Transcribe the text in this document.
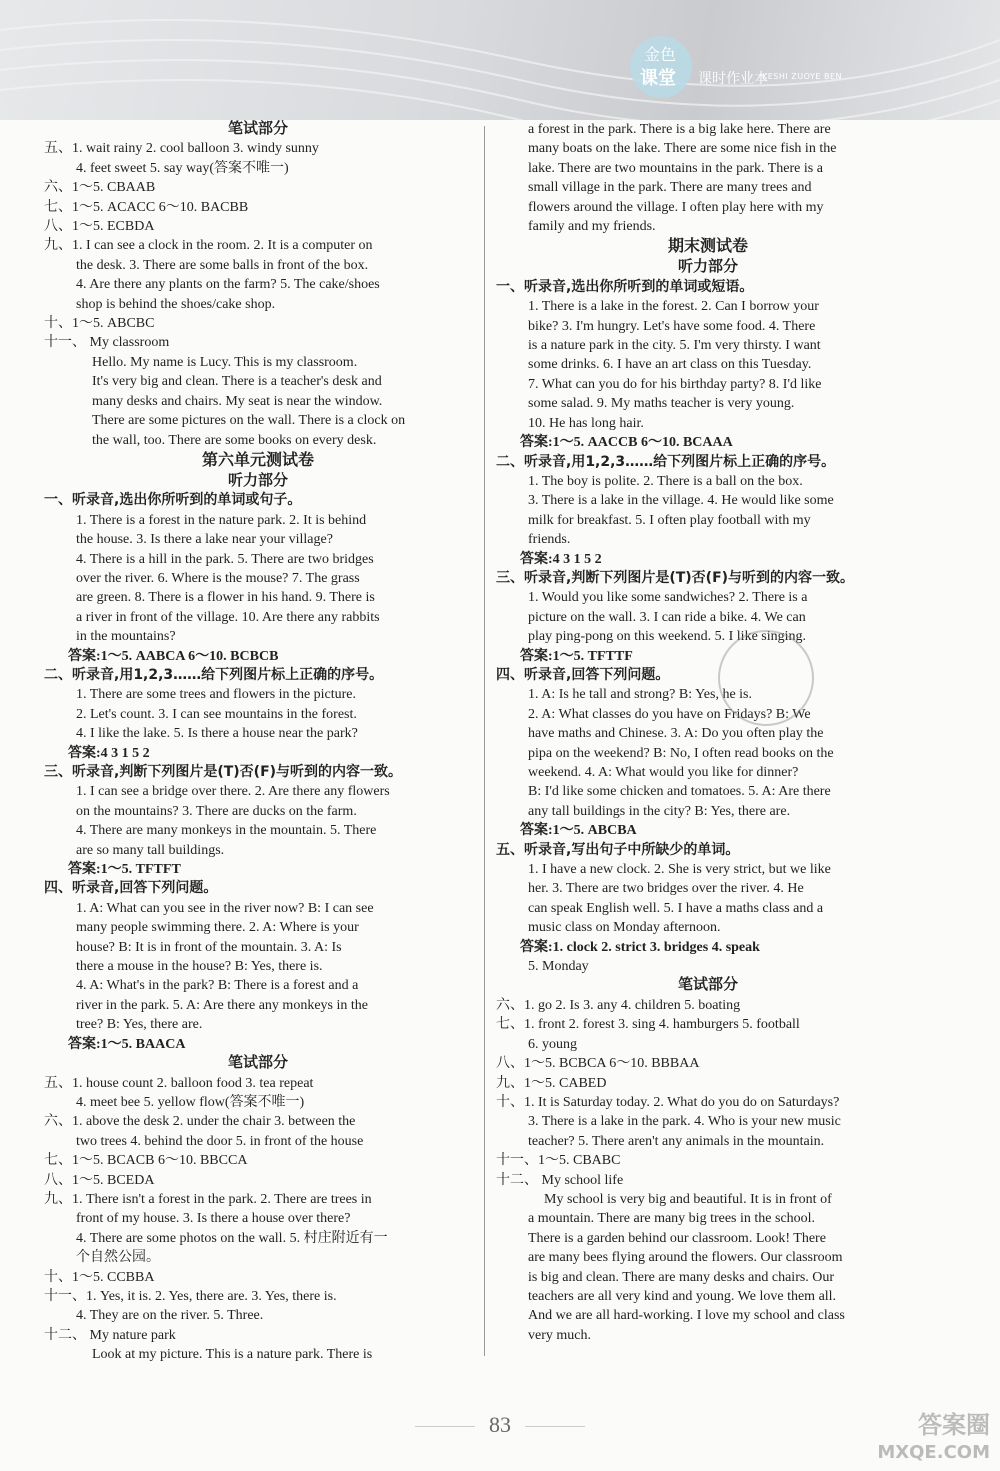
金色
课堂 课时作业本
KESHI ZUOYE BEN

笔试部分

五、1. wait rainy 2. cool balloon 3. windy sunny

4. feet sweet 5. say way(答案不唯一)

六、1～5. CBAAB

七、1～5. ACACC 6～10. BACBB

八、1～5. ECBDA

九、1. I can see a clock in the room. 2. It is a computer on

the desk. 3. There are some balls in front of the box.

4. Are there any plants on the farm? 5. The cake/shoes

shop is behind the shoes/cake shop.

十、1～5. ABCBC

十一、 My classroom

Hello. My name is Lucy. This is my classroom.

It's very big and clean. There is a teacher's desk and

many desks and chairs. My seat is near the window.

There are some pictures on the wall. There is a clock on

the wall, too. There are some books on every desk.

第六单元测试卷

听力部分

一、听录音,选出你所听到的单词或句子。

1. There is a forest in the nature park. 2. It is behind

the house. 3. Is there a lake near your village?

4. There is a hill in the park. 5. There are two bridges

over the river. 6. Where is the mouse? 7. The grass

are green. 8. There is a flower in his hand. 9. There is

a river in front of the village. 10. Are there any rabbits

in the mountains?

答案:1～5. AABCA 6～10. BCBCB

二、听录音,用1,2,3……给下列图片标上正确的序号。

1. There are some trees and flowers in the picture.

2. Let's count. 3. I can see mountains in the forest.

4. I like the lake. 5. Is there a house near the park?

答案:4 3 1 5 2

三、听录音,判断下列图片是(T)否(F)与听到的内容一致。

1. I can see a bridge over there. 2. Are there any flowers

on the mountains? 3. There are ducks on the farm.

4. There are many monkeys in the mountain. 5. There

are so many tall buildings.

答案:1～5. TFTFT

四、听录音,回答下列问题。

1. A: What can you see in the river now? B: I can see

many people swimming there. 2. A: Where is your

house? B: It is in front of the mountain. 3. A: Is

there a mouse in the house? B: Yes, there is.

4. A: What's in the park? B: There is a forest and a

river in the park. 5. A: Are there any monkeys in the

tree? B: Yes, there are.

答案:1～5. BAACA

笔试部分

五、1. house count 2. balloon food 3. tea repeat

4. meet bee 5. yellow flow(答案不唯一)

六、1. above the desk 2. under the chair 3. between the

two trees 4. behind the door 5. in front of the house

七、1～5. BCACB 6～10. BBCCA

八、1～5. BCEDA

九、1. There isn't a forest in the park. 2. There are trees in

front of my house. 3. Is there a house over there?

4. There are some photos on the wall. 5. 村庄附近有一

个自然公园。

十、1～5. CCBBA

十一、1. Yes, it is. 2. Yes, there are. 3. Yes, there is.

4. They are on the river. 5. Three.

十二、 My nature park

Look at my picture. This is a nature park. There is

a forest in the park. There is a big lake here. There are

many boats on the lake. There are some nice fish in the

lake. There are two mountains in the park. There is a

small village in the park. There are many trees and

flowers around the village. I often play here with my

family and my friends.

期末测试卷

听力部分

一、听录音,选出你所听到的单词或短语。

1. There is a lake in the forest. 2. Can I borrow your

bike? 3. I'm hungry. Let's have some food. 4. There

is a nature park in the city. 5. I'm very thirsty. I want

some drinks. 6. I have an art class on this Tuesday.

7. What can you do for his birthday party? 8. I'd like

some salad. 9. My maths teacher is very young.

10. He has long hair.

答案:1～5. AACCB 6～10. BCAAA

二、听录音,用1,2,3……给下列图片标上正确的序号。

1. The boy is polite. 2. There is a ball on the box.

3. There is a lake in the village. 4. He would like some

milk for breakfast. 5. I often play football with my

friends.

答案:4 3 1 5 2

三、听录音,判断下列图片是(T)否(F)与听到的内容一致。

1. Would you like some sandwiches? 2. There is a

picture on the wall. 3. I can ride a bike. 4. We can

play ping-pong on this weekend. 5. I like singing.

答案:1～5. TFTTF

四、听录音,回答下列问题。

1. A: Is he tall and strong? B: Yes, he is.

2. A: What classes do you have on Fridays? B: We

have maths and Chinese. 3. A: Do you often play the

pipa on the weekend? B: No, I often read books on the

weekend. 4. A: What would you like for dinner?

B: I'd like some chicken and tomatoes. 5. A: Are there

any tall buildings in the city? B: Yes, there are.

答案:1～5. ABCBA

五、听录音,写出句子中所缺少的单词。

1. I have a new clock. 2. She is very strict, but we like

her. 3. There are two bridges over the river. 4. He

can speak English well. 5. I have a maths class and a

music class on Monday afternoon.

答案:1. clock 2. strict 3. bridges 4. speak

5. Monday

笔试部分

六、1. go 2. Is 3. any 4. children 5. boating

七、1. front 2. forest 3. sing 4. hamburgers 5. football

6. young

八、1～5. BCBCA 6～10. BBBAA

九、1～5. CABED

十、1. It is Saturday today. 2. What do you do on Saturdays?

3. There is a lake in the park. 4. Who is your new music

teacher? 5. There aren't any animals in the mountain.

十一、1～5. CBABC

十二、 My school life

My school is very big and beautiful. It is in front of

a mountain. There are many big trees in the school.

There is a garden behind our classroom. Look! There

are many bees flying around the flowers. Our classroom

is big and clean. There are many desks and chairs. Our

teachers are all very kind and young. We love them all.

And we are all hard-working. I love my school and class

very much.

83	答案圈
MXQE.COM
